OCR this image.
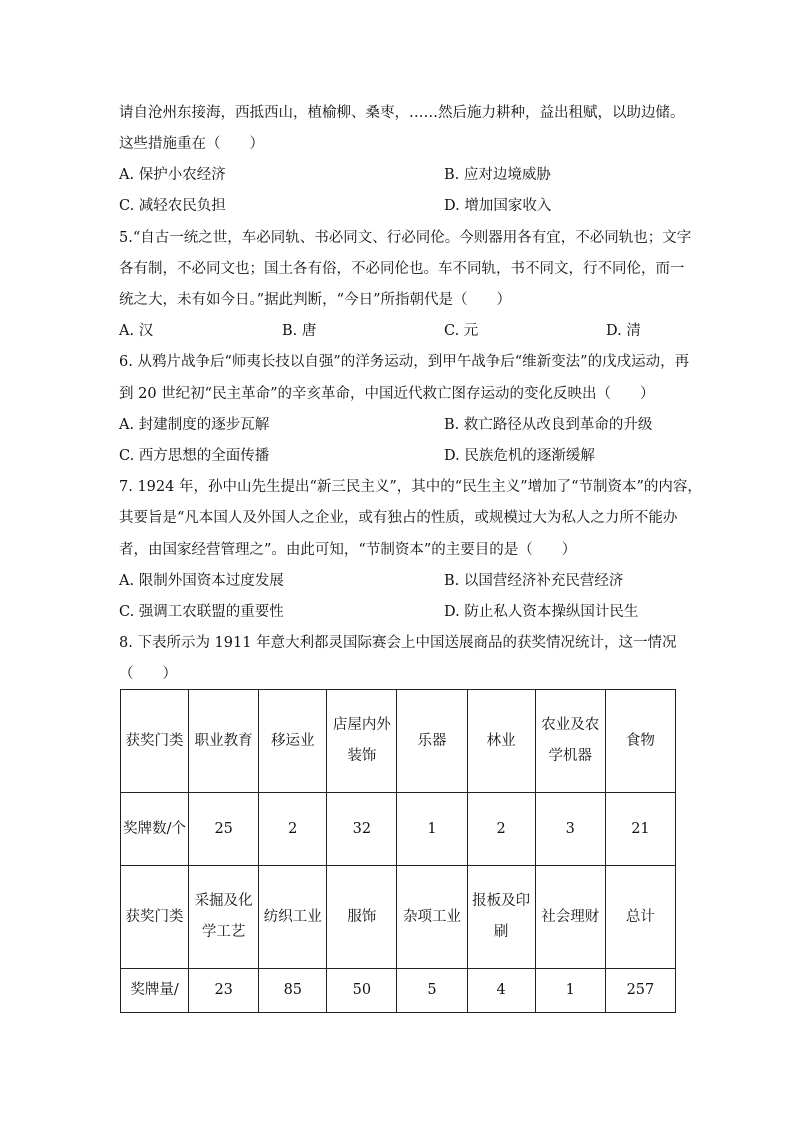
请自沧州东接海，西抵西山，植榆柳、桑枣，……然后施力耕种，益出租赋，以助边储。
这些措施重在（　　）
A. 保护小农经济	B. 应对边境威胁
C. 减轻农民负担	D. 增加国家收入
5.“自古一统之世，车必同轨、书必同文、行必同伦。今则器用各有宜，不必同轨也；文字
各有制，不必同文也；国土各有俗，不必同伦也。车不同轨，书不同文，行不同伦，而一
统之大，未有如今日。”据此判断，“今日”所指朝代是（　　）
A. 汉	B. 唐	C. 元	D. 清
6. 从鸦片战争后“师夷长技以自强”的洋务运动，到甲午战争后“维新变法”的戊戌运动，再
到 20 世纪初“民主革命”的辛亥革命，中国近代救亡图存运动的变化反映出（　　）
A. 封建制度的逐步瓦解	B. 救亡路径从改良到革命的升级
C. 西方思想的全面传播	D. 民族危机的逐渐缓解
7. 1924 年，孙中山先生提出“新三民主义”，其中的“民生主义”增加了“节制资本”的内容，
其要旨是“凡本国人及外国人之企业，或有独占的性质，或规模过大为私人之力所不能办
者，由国家经营管理之”。由此可知，“节制资本”的主要目的是（　　）
A. 限制外国资本过度发展	B. 以国营经济补充民营经济
C. 强调工农联盟的重要性	D. 防止私人资本操纵国计民生
8. 下表所示为 1911 年意大利都灵国际赛会上中国送展商品的获奖情况统计，这一情况
（　　）
获奖门类	职业教育	移运业	店屋内外装饰	乐器	林业	农业及农学机器	食物
奖牌数/个	25	2	32	1	2	3	21
获奖门类	采掘及化学工艺	纺织工业	服饰	杂项工业	报板及印刷	社会理财	总计
奖牌量/	23	85	50	5	4	1	257
